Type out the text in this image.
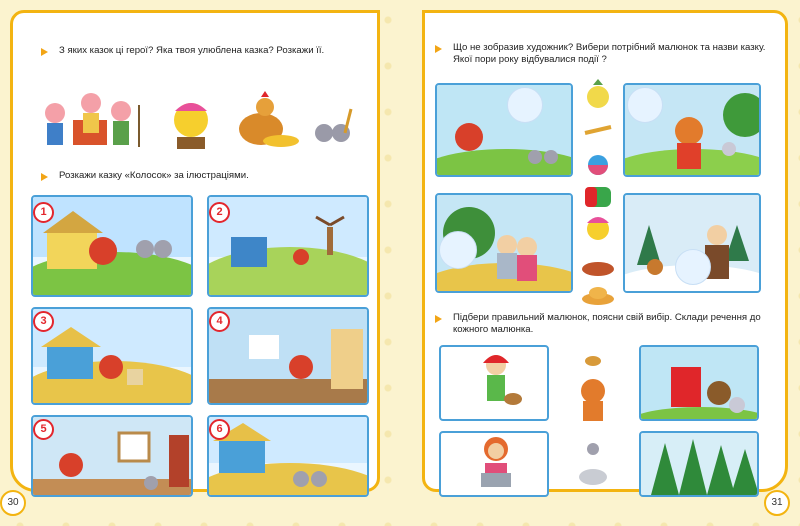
З яких казок ці герої? Яка твоя улюблена казка? Розкажи її.
Розкажи казку «Колосок» за ілюстраціями.
1	2
3	4
5	6
30
Що не зобразив художник? Вибери потрібний малюнок та назви казку. Якої пори року відбувалися події ?
Підбери правильний малюнок, поясни свій вибір. Склади речення до кожного малюнка.
31
